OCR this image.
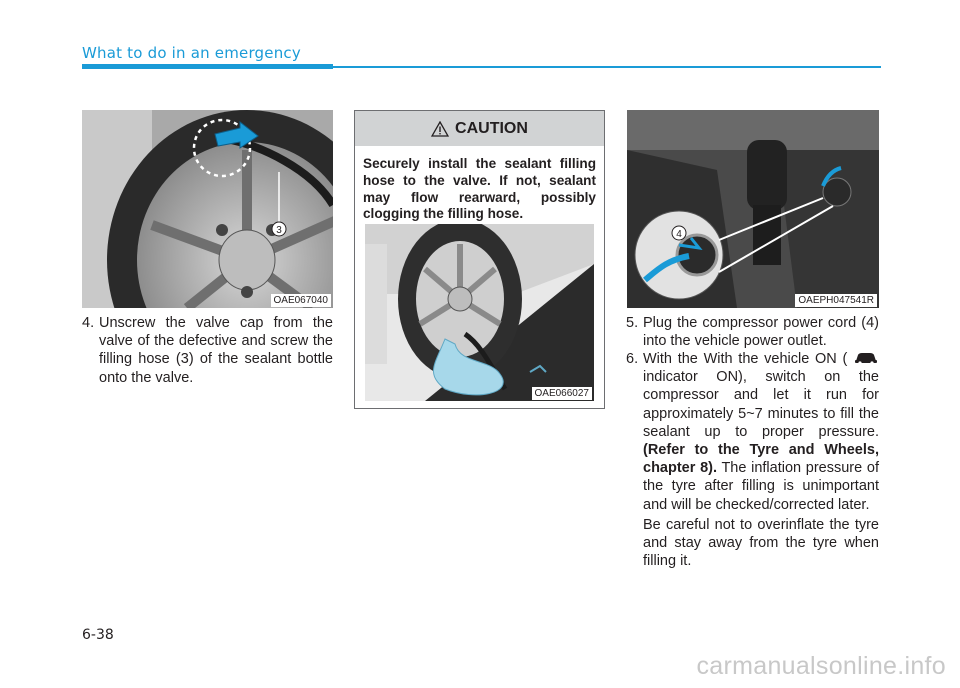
What to do in an emergency
3
OAE067040
4. Unscrew the valve cap from the valve of the defective and screw the filling hose (3) of the sealant bottle onto the valve.
CAUTION
Securely install the sealant filling hose to the valve. If not, sealant may flow rearward, possibly clogging the filling hose.
OAE066027
4
OAEPH047541R
5. Plug the compressor power cord (4) into the vehicle power outlet.
6. With the With the vehicle ON (  indicator ON), switch on the compressor and let it run for approximately 5~7 minutes to fill the sealant up to proper pressure. (Refer to the Tyre and Wheels, chapter 8). The inflation pressure of the tyre after filling is unimportant and will be checked/corrected later.
Be careful not to overinflate the tyre and stay away from the tyre when filling it.
6-38
carmanualsonline.info
